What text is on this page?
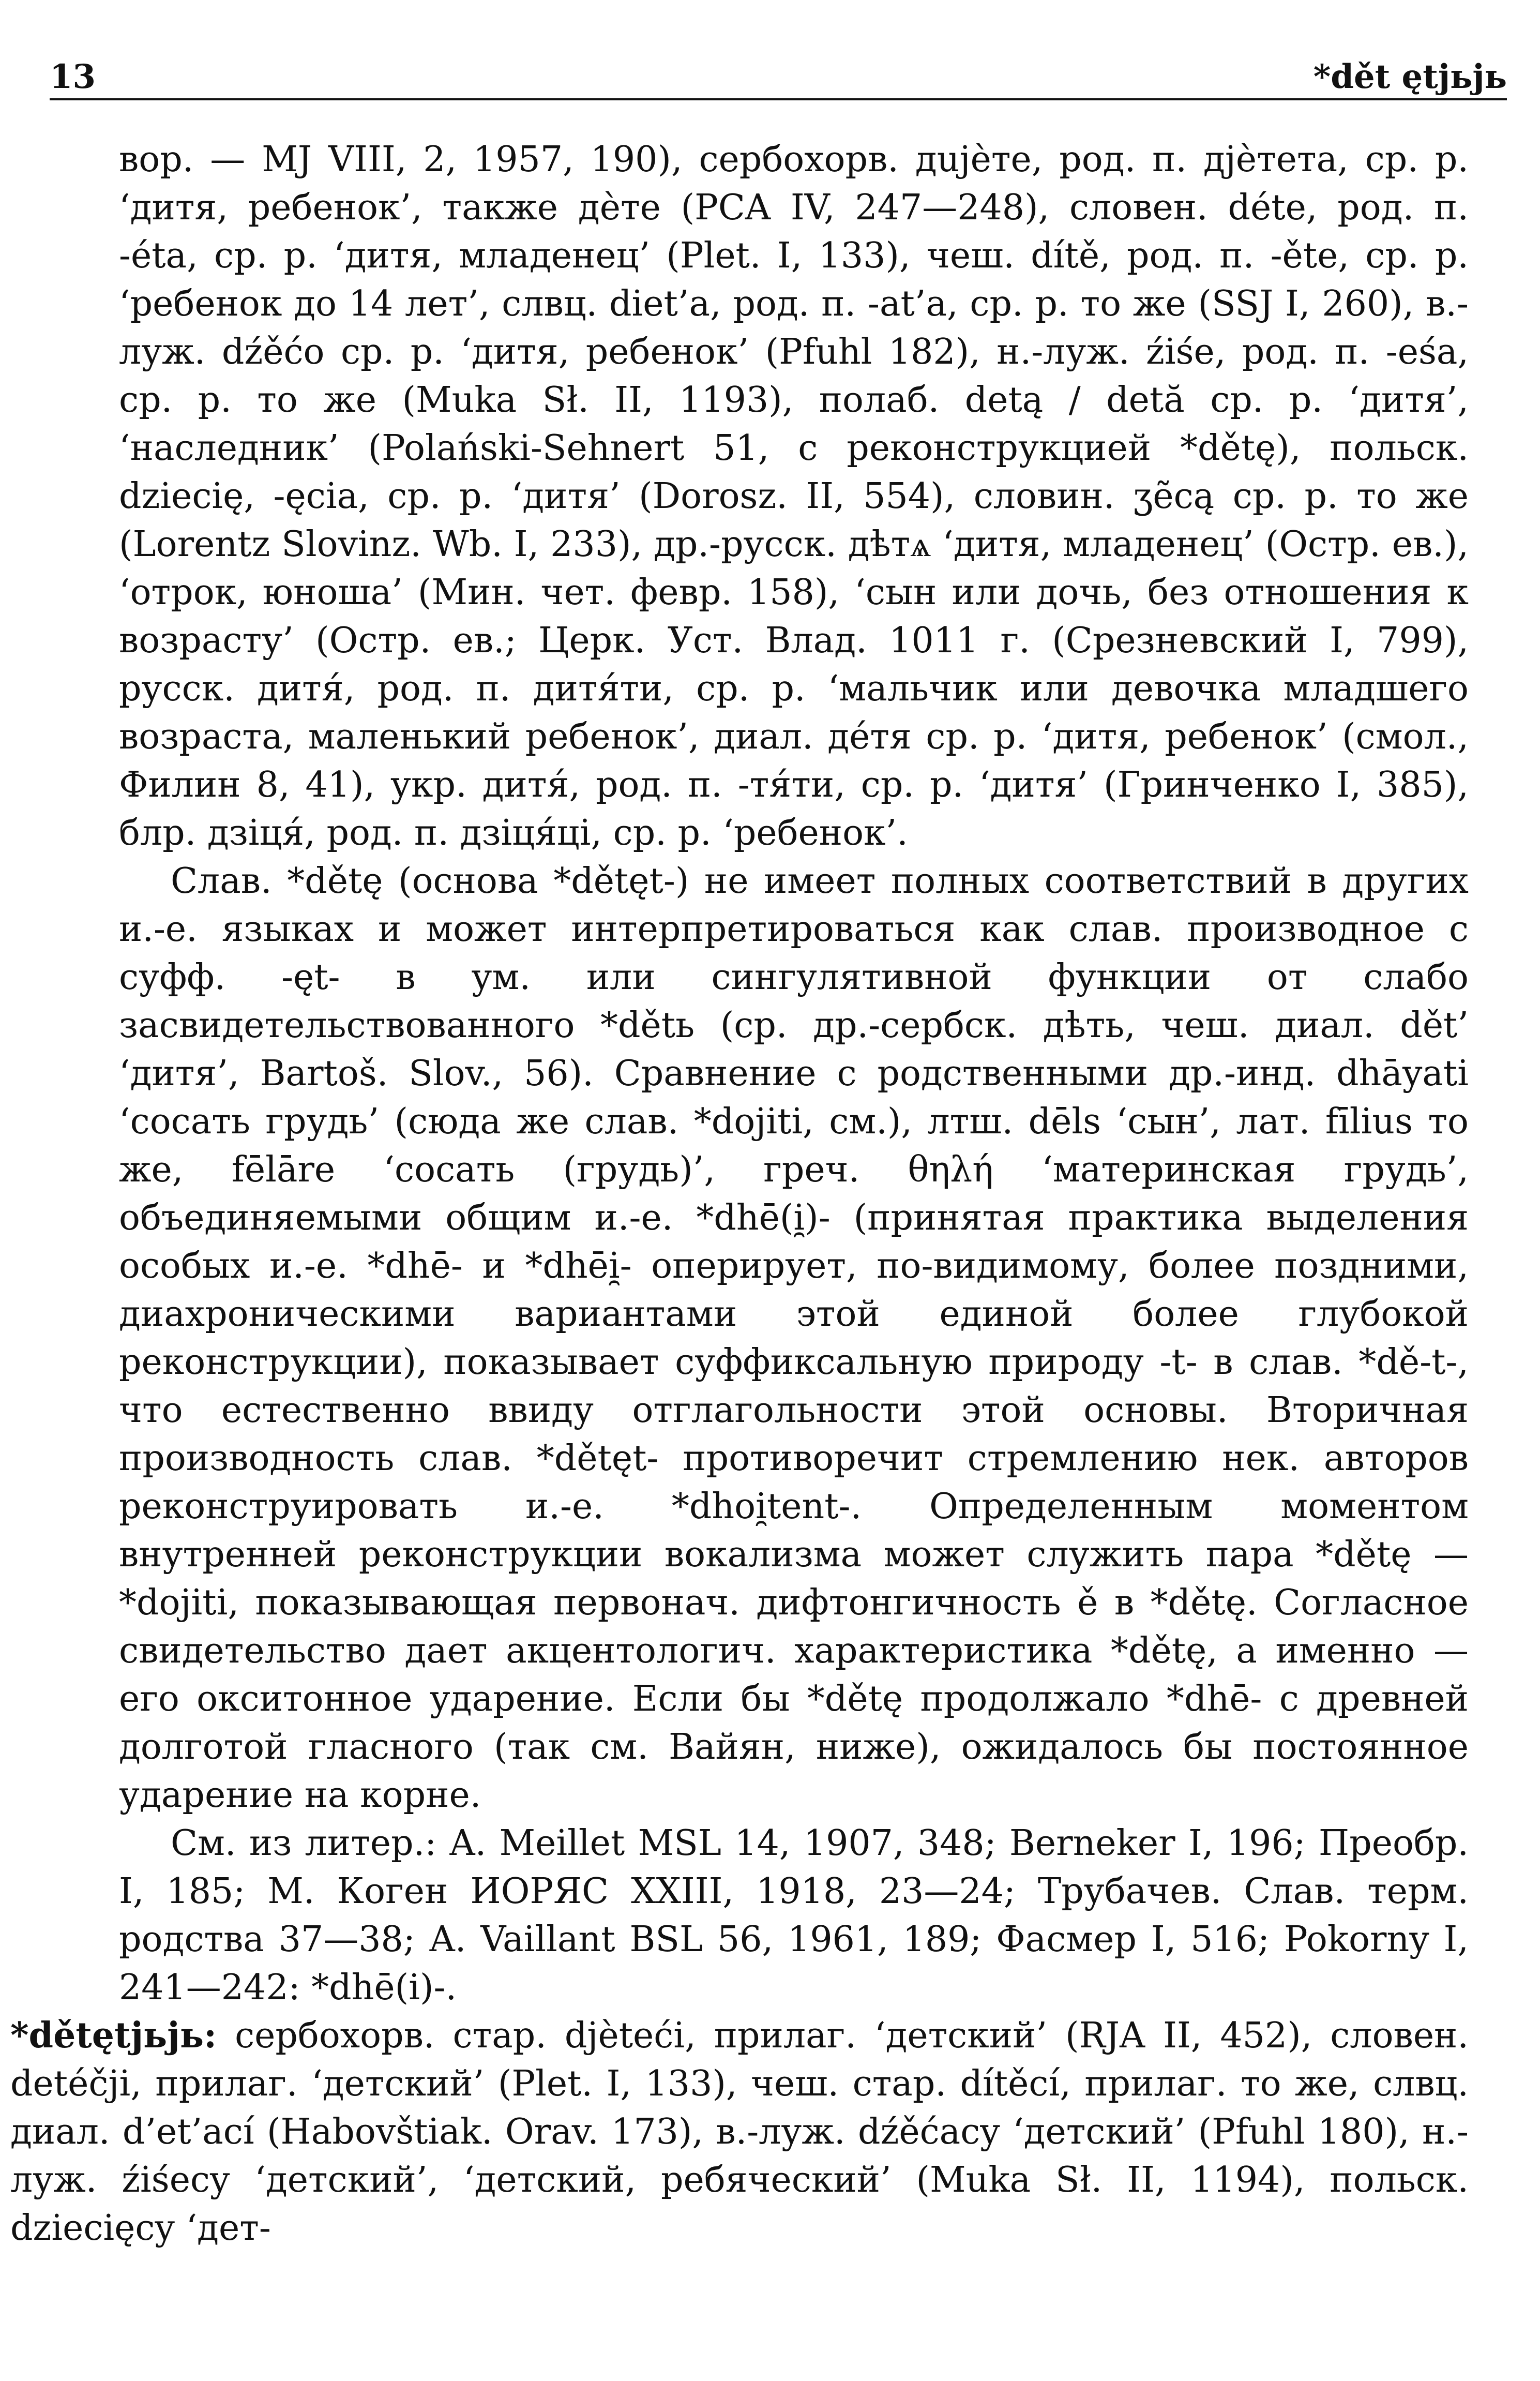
13	*dět ętjьjь

вор. — MJ VIII, 2, 1957, 190), сербохорв. дujѐтe, род. п. дјѐтета, ср. р. ‘дитя, ребенок’, также дѐте (PCA IV, 247—248), словен. déte, род. п. -éta, ср. р. ‘дитя, младенец’ (Plet. I, 133), чеш. dítě, род. п. -ěte, ср. р. ‘ребенок до 14 лет’, слвц. diet’a, род. п. -at’a, ср. р. то же (SSJ I, 260), в.-луж. dźěćo ср. р. ‘дитя, ребенок’ (Pfuhl 182), н.-луж. źiśe, род. п. -eśa, ср. р. то же (Muka Sł. II, 1193), полаб. detą / detă ср. р. ‘дитя’, ‘наследник’ (Polański-Sehnert 51, с реконструкцией *dětę), польск. dziecię, -ęcia, ср. р. ‘дитя’ (Dorosz. II, 554), словин. ʒẽcą ср. р. то же (Lorentz Slovinz. Wb. I, 233), др.-русск. дѣтѧ ‘дитя, младенец’ (Остр. ев.), ‘отрок, юноша’ (Мин. чет. февр. 158), ‘сын или дочь, без отношения к возрасту’ (Остр. ев.; Церк. Уст. Влад. 1011 г. (Срезневский I, 799), русск. дитя́, род. п. дитя́ти, ср. р. ‘мальчик или девочка младшего возраста, маленький ребенок’, диал. де́тя ср. р. ‘дитя, ребенок’ (смол., Филин 8, 41), укр. дитя́, род. п. -тя́ти, ср. р. ‘дитя’ (Гринченко I, 385), блр. дзіця́, род. п. дзіця́ці, ср. р. ‘ребенок’.

Слав. *dětę (основа *dětęt-) не имеет полных соответствий в других и.-е. языках и может интерпретироваться как слав. производное с суфф. -ęt- в ум. или сингулятивной функции от слабо засвидетельствованного *dětь (ср. др.-сербск. дѣть, чеш. диал. dět’ ‘дитя’, Bartoš. Slov., 56). Сравнение с родственными др.-инд. dhāyati ‘сосать грудь’ (сюда же слав. *dojiti, см.), лтш. dēls ‘сын’, лат. fīlius то же, fēlāre ‘сосать (грудь)’, греч. θηλή ‘материнская грудь’, объединяемыми общим и.-е. *dhē(i̯)- (принятая практика выделения особых и.-е. *dhē- и *dhēi̯- оперирует, по-видимому, более поздними, диахроническими вариантами этой единой более глубокой реконструкции), показывает суффиксальную природу -t- в слав. *dě-t-, что естественно ввиду отглагольности этой основы. Вторичная производность слав. *dětęt- противоречит стремлению нек. авторов реконструировать и.-е. *dhoi̯tent-. Определенным моментом внутренней реконструкции вокализма может служить пара *dětę — *dojiti, показывающая первонач. дифтонгичность ě в *dětę. Согласное свидетельство дает акцентологич. характеристика *dětę, а именно — его окситонное ударение. Если бы *dětę продолжало *dhē- с древней долготой гласного (так см. Вайян, ниже), ожидалось бы постоянное ударение на корне.

См. из литер.: A. Meillet MSL 14, 1907, 348; Berneker I, 196; Преобр. I, 185; М. Коген ИОРЯС XXIII, 1918, 23—24; Трубачев. Слав. терм. родства 37—38; A. Vaillant BSL 56, 1961, 189; Фасмер I, 516; Pokorny I, 241—242: *dhē(i)-.

*dětętjьjь: сербохорв. стар. djèteći, прилаг. ‘детский’ (RJA II, 452), словен. detéčji, прилаг. ‘детский’ (Plet. I, 133), чеш. стар. dítěcí, прилаг. то же, слвц. диал. d’et’ací (Habovštiak. Orav. 173), в.-луж. dźěćacy ‘детский’ (Pfuhl 180), н.-луж. źiśecy ‘детский’, ‘детский, ребяческий’ (Muka Sł. II, 1194), польск. dziecięcy ‘дет-
